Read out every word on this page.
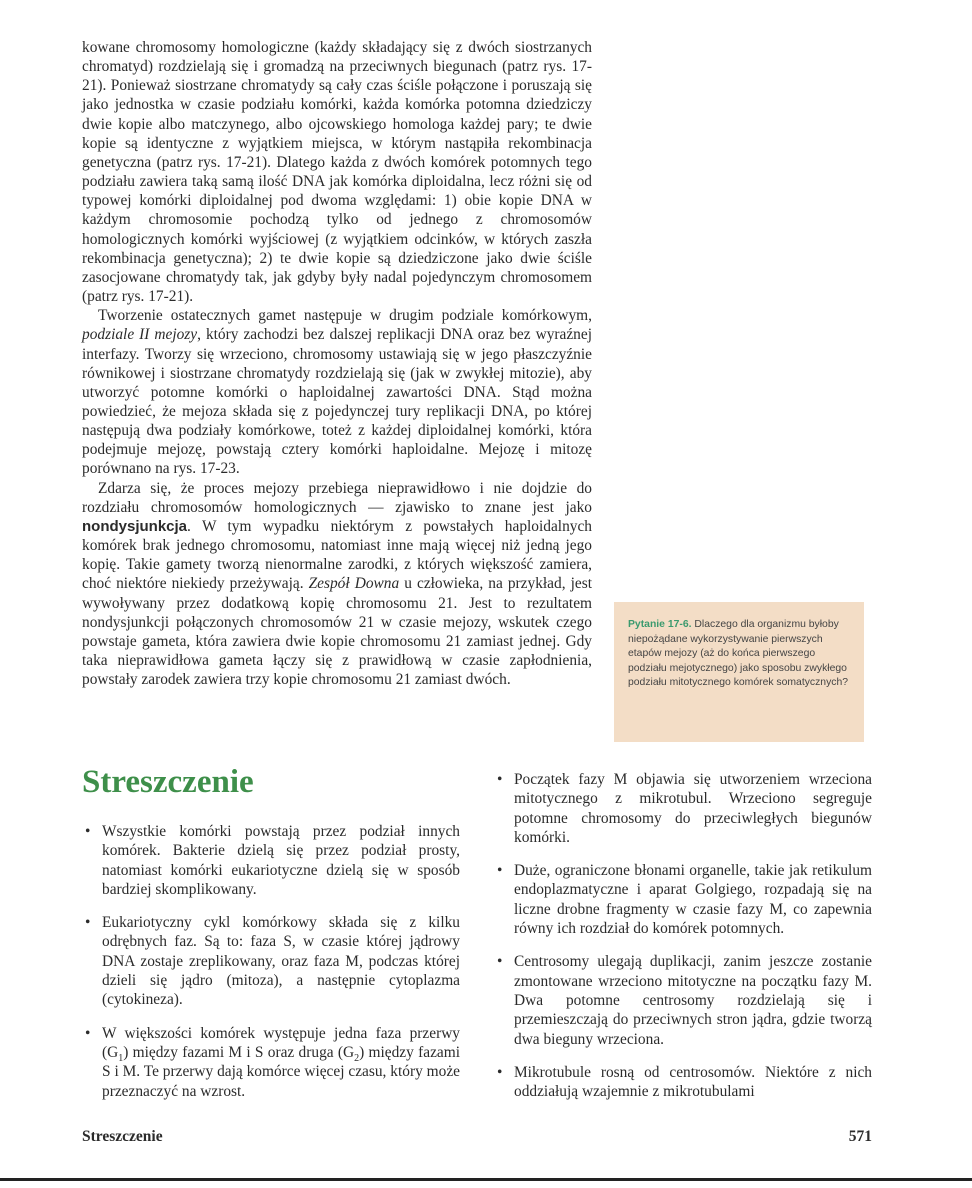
kowane chromosomy homologiczne (każdy składający się z dwóch siostrzanych chromatyd) rozdzielają się i gromadzą na przeciwnych biegunach (patrz rys. 17-21). Ponieważ siostrzane chromatydy są cały czas ściśle połączone i poruszają się jako jednostka w czasie podziału komórki, każda komórka potomna dziedziczy dwie kopie albo matczynego, albo ojcowskiego homologa każdej pary; te dwie kopie są identyczne z wyjątkiem miejsca, w którym nastąpiła rekombinacja genetyczna (patrz rys. 17-21). Dlatego każda z dwóch komórek potomnych tego podziału zawiera taką samą ilość DNA jak komórka diploidalna, lecz różni się od typowej komórki diploidalnej pod dwoma względami: 1) obie kopie DNA w każdym chromosomie pochodzą tylko od jednego z chromosomów homologicznych komórki wyjściowej (z wyjątkiem odcinków, w których zaszła rekombinacja genetyczna); 2) te dwie kopie są dziedziczone jako dwie ściśle zasocjowane chromatydy tak, jak gdyby były nadal pojedynczym chromosomem (patrz rys. 17-21).

Tworzenie ostatecznych gamet następuje w drugim podziale komórkowym, podziale II mejozy, który zachodzi bez dalszej replikacji DNA oraz bez wyraźnej interfazy. Tworzy się wrzeciono, chromosomy ustawiają się w jego płaszczyźnie równikowej i siostrzane chromatydy rozdzielają się (jak w zwykłej mitozie), aby utworzyć potomne komórki o haploidalnej zawartości DNA. Stąd można powiedzieć, że mejoza składa się z pojedynczej tury replikacji DNA, po której następują dwa podziały komórkowe, toteż z każdej diploidalnej komórki, która podejmuje mejozę, powstają cztery komórki haploidalne. Mejozę i mitozę porównano na rys. 17-23.

Zdarza się, że proces mejozy przebiega nieprawidłowo i nie dojdzie do rozdziału chromosomów homologicznych — zjawisko to znane jest jako nondysjunkcja. W tym wypadku niektórym z powstałych haploidalnych komórek brak jednego chromosomu, natomiast inne mają więcej niż jedną jego kopię. Takie gamety tworzą nienormalne zarodki, z których większość zamiera, choć niektóre niekiedy przeżywają. Zespół Downa u człowieka, na przykład, jest wywoływany przez dodatkową kopię chromosomu 21. Jest to rezultatem nondysjunkcji połączonych chromosomów 21 w czasie mejozy, wskutek czego powstaje gameta, która zawiera dwie kopie chromosomu 21 zamiast jednej. Gdy taka nieprawidłowa gameta łączy się z prawidłową w czasie zapłodnienia, powstały zarodek zawiera trzy kopie chromosomu 21 zamiast dwóch.

Pytanie 17-6. Dlaczego dla organizmu byłoby niepożądane wykorzystywanie pierwszych etapów mejozy (aż do końca pierwszego podziału mejotycznego) jako sposobu zwykłego podziału mitotycznego komórek somatycznych?
Streszczenie
• Wszystkie komórki powstają przez podział innych komórek. Bakterie dzielą się przez podział prosty, natomiast komórki eukariotyczne dzielą się w sposób bardziej skomplikowany.
• Eukariotyczny cykl komórkowy składa się z kilku odrębnych faz. Są to: faza S, w czasie której jądrowy DNA zostaje zreplikowany, oraz faza M, podczas której dzieli się jądro (mitoza), a następnie cytoplazma (cytokineza).
• W większości komórek występuje jedna faza przerwy $(G_1)$ między fazami M i S oraz druga $(G_2)$ między fazami S i M. Te przerwy dają komórce więcej czasu, który może przeznaczyć na wzrost.
• Początek fazy M objawia się utworzeniem wrzeciona mitotycznego z mikrotubul. Wrzeciono segreguje potomne chromosomy do przeciwległych biegunów komórki.
• Duże, ograniczone błonami organelle, takie jak retikulum endoplazmatyczne i aparat Golgiego, rozpadają się na liczne drobne fragmenty w czasie fazy M, co zapewnia równy ich rozdział do komórek potomnych.
• Centrosomy ulegają duplikacji, zanim jeszcze zostanie zmontowane wrzeciono mitotyczne na początku fazy M. Dwa potomne centrosomy rozdzielają się i przemieszczają do przeciwnych stron jądra, gdzie tworzą dwa bieguny wrzeciona.
• Mikrotubule rosną od centrosomów. Niektóre z nich oddziałują wzajemnie z mikrotubulami
Streszczenie	571
